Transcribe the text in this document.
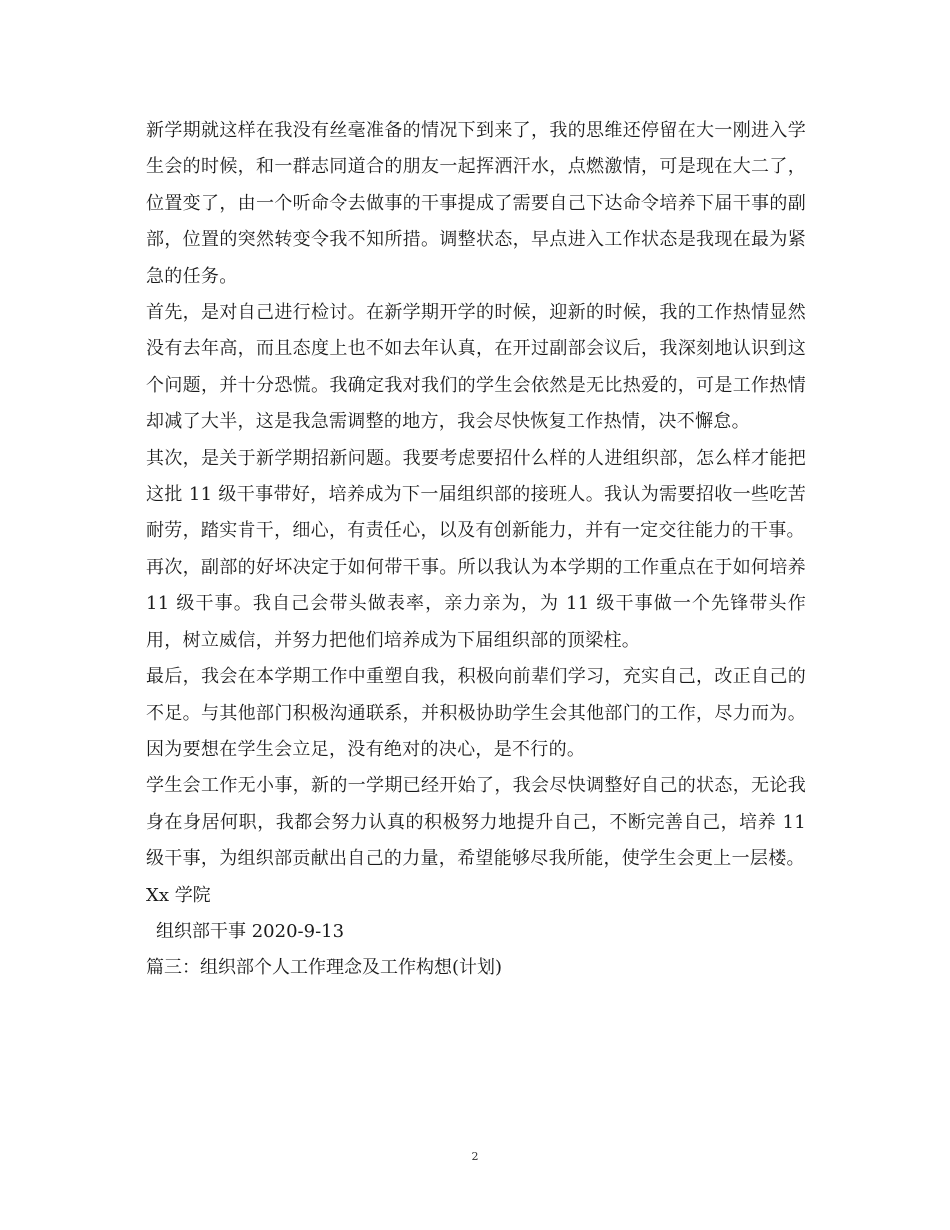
新学期就这样在我没有丝毫准备的情况下到来了，我的思维还停留在大一刚进入学生会的时候，和一群志同道合的朋友一起挥洒汗水，点燃激情，可是现在大二了，位置变了，由一个听命令去做事的干事提成了需要自己下达命令培养下届干事的副部，位置的突然转变令我不知所措。调整状态，早点进入工作状态是我现在最为紧急的任务。

首先，是对自己进行检讨。在新学期开学的时候，迎新的时候，我的工作热情显然没有去年高，而且态度上也不如去年认真，在开过副部会议后，我深刻地认识到这个问题，并十分恐慌。我确定我对我们的学生会依然是无比热爱的，可是工作热情却减了大半，这是我急需调整的地方，我会尽快恢复工作热情，决不懈怠。

其次，是关于新学期招新问题。我要考虑要招什么样的人进组织部，怎么样才能把这批 11 级干事带好，培养成为下一届组织部的接班人。我认为需要招收一些吃苦耐劳，踏实肯干，细心，有责任心，以及有创新能力，并有一定交往能力的干事。

再次，副部的好坏决定于如何带干事。所以我认为本学期的工作重点在于如何培养 11 级干事。我自己会带头做表率，亲力亲为，为 11 级干事做一个先锋带头作用，树立威信，并努力把他们培养成为下届组织部的顶梁柱。

最后，我会在本学期工作中重塑自我，积极向前辈们学习，充实自己，改正自己的不足。与其他部门积极沟通联系，并积极协助学生会其他部门的工作，尽力而为。因为要想在学生会立足，没有绝对的决心，是不行的。

学生会工作无小事，新的一学期已经开始了，我会尽快调整好自己的状态，无论我身在身居何职，我都会努力认真的积极努力地提升自己，不断完善自己，培养 11 级干事，为组织部贡献出自己的力量，希望能够尽我所能，使学生会更上一层楼。

Xx 学院

组织部干事 2020-9-13

篇三：组织部个人工作理念及工作构想(计划)

2
